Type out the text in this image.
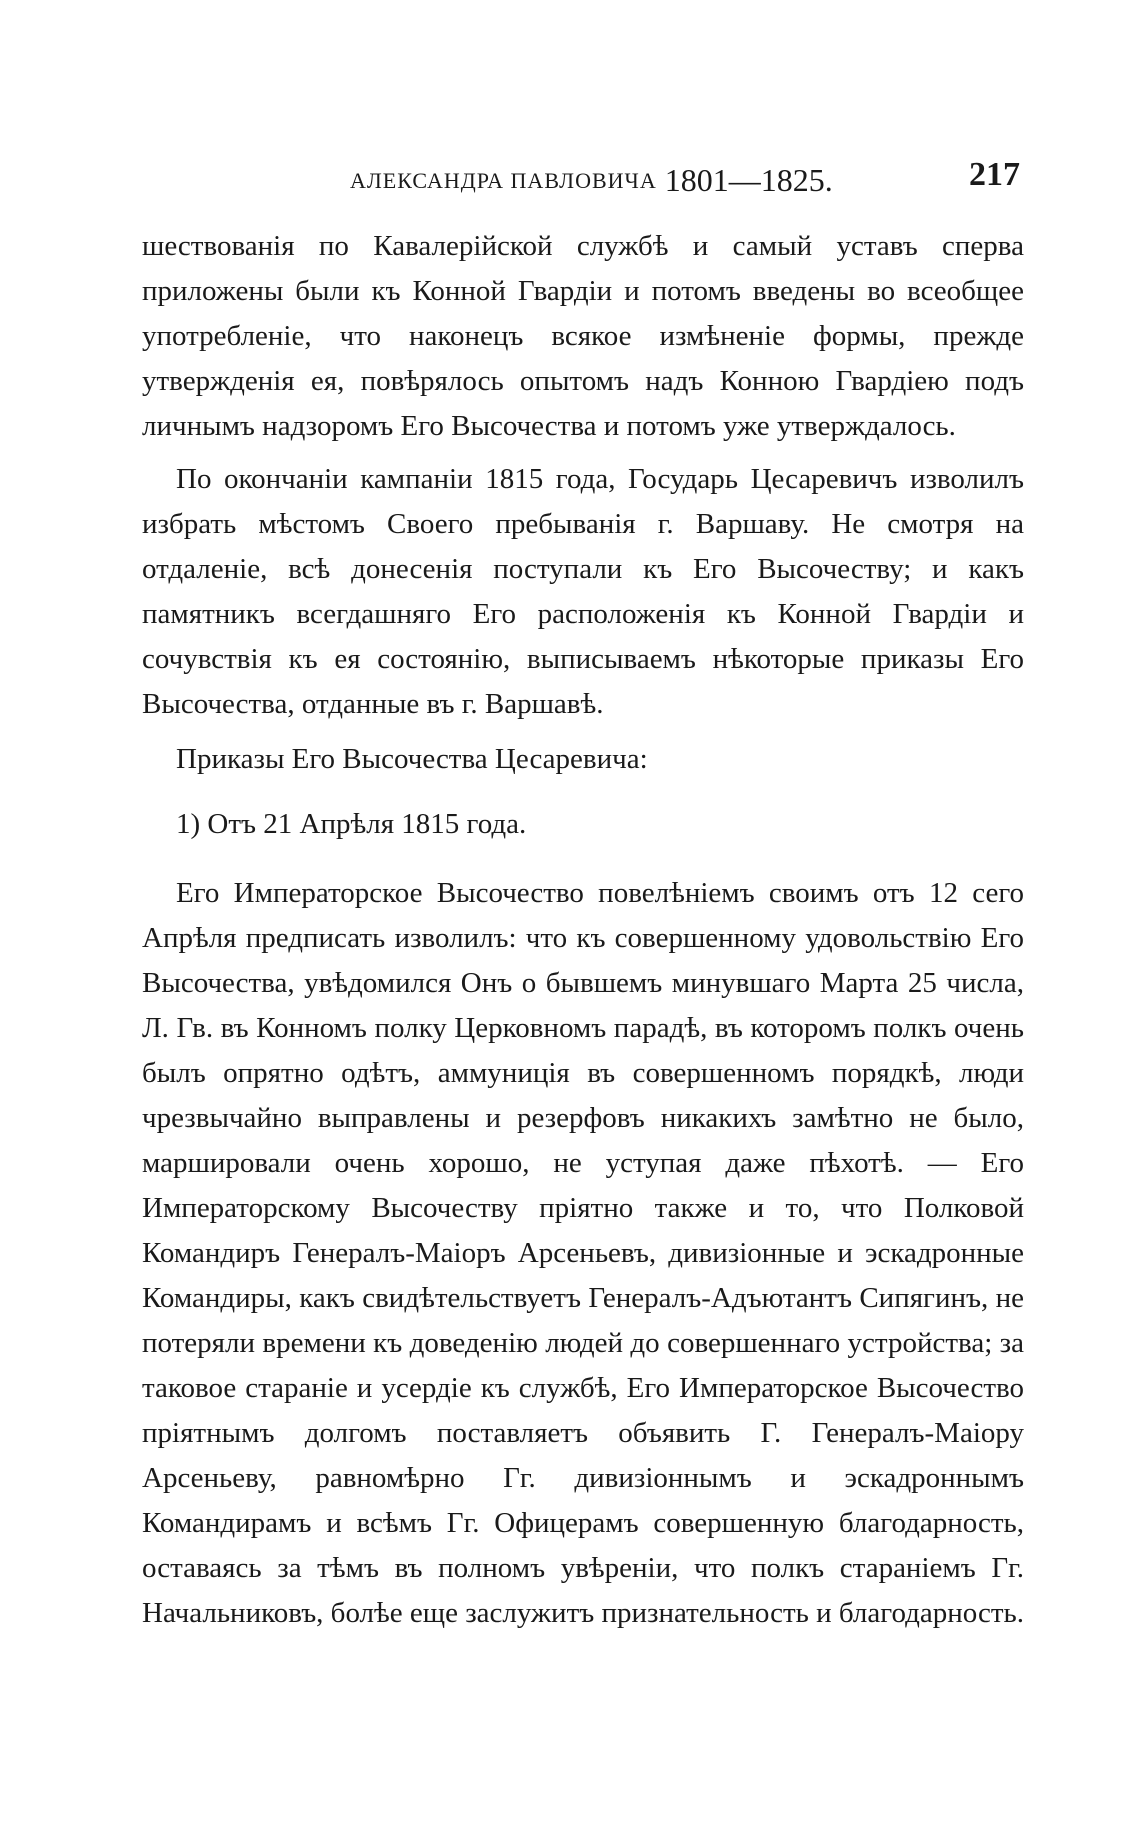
АЛЕКСАНДРА ПАВЛОВИЧА 1801—1825.	217

шествованія по Кавалерійской службѣ и самый уставъ сперва приложены были къ Конной Гвардіи и потомъ введены во всеобщее употребленіе, что наконецъ всякое измѣненіе формы, прежде утвержденія ея, повѣрялось опытомъ надъ Конною Гвардіею подъ личнымъ надзоромъ Его Высочества и потомъ уже утверждалось.

По окончаніи кампаніи 1815 года, Государь Цесаревичъ изволилъ избрать мѣстомъ Своего пребыванія г. Варшаву. Не смотря на отдаленіе, всѣ донесенія поступали къ Его Высочеству; и какъ памятникъ всегдашняго Его расположенія къ Конной Гвардіи и сочувствія къ ея состоянію, выписываемъ нѣкоторые приказы Его Высочества, отданные въ г. Варшавѣ.

Приказы Его Высочества Цесаревича:

1) Отъ 21 Апрѣля 1815 года.

Его Императорское Высочество повелѣніемъ своимъ отъ 12 сего Апрѣля предписать изволилъ: что къ совершенному удовольствію Его Высочества, увѣдомился Онъ о бывшемъ минувшаго Марта 25 числа, Л. Гв. въ Конномъ полку Церковномъ парадѣ, въ которомъ полкъ очень былъ опрятно одѣтъ, аммуниція въ совершенномъ порядкѣ, люди чрезвычайно выправлены и резерфовъ никакихъ замѣтно не было, маршировали очень хорошо, не уступая даже пѣхотѣ. — Его Императорскому Высочеству пріятно также и то, что Полковой Командиръ Генералъ-Маіоръ Арсеньевъ, дивизіонные и эскадронные Командиры, какъ свидѣтельствуетъ Генералъ-Адъютантъ Сипягинъ, не потеряли времени къ доведенію людей до совершеннаго устройства; за таковое стараніе и усердіе къ службѣ, Его Императорское Высочество пріятнымъ долгомъ поставляетъ объявить Г. Генералъ-Маіору Арсеньеву, равномѣрно Гг. дивизіоннымъ и эскадроннымъ Командирамъ и всѣмъ Гг. Офицерамъ совершенную благодарность, оставаясь за тѣмъ въ полномъ увѣреніи, что полкъ стараніемъ Гг. Начальниковъ, болѣе еще заслужитъ признательность и благодарность.
